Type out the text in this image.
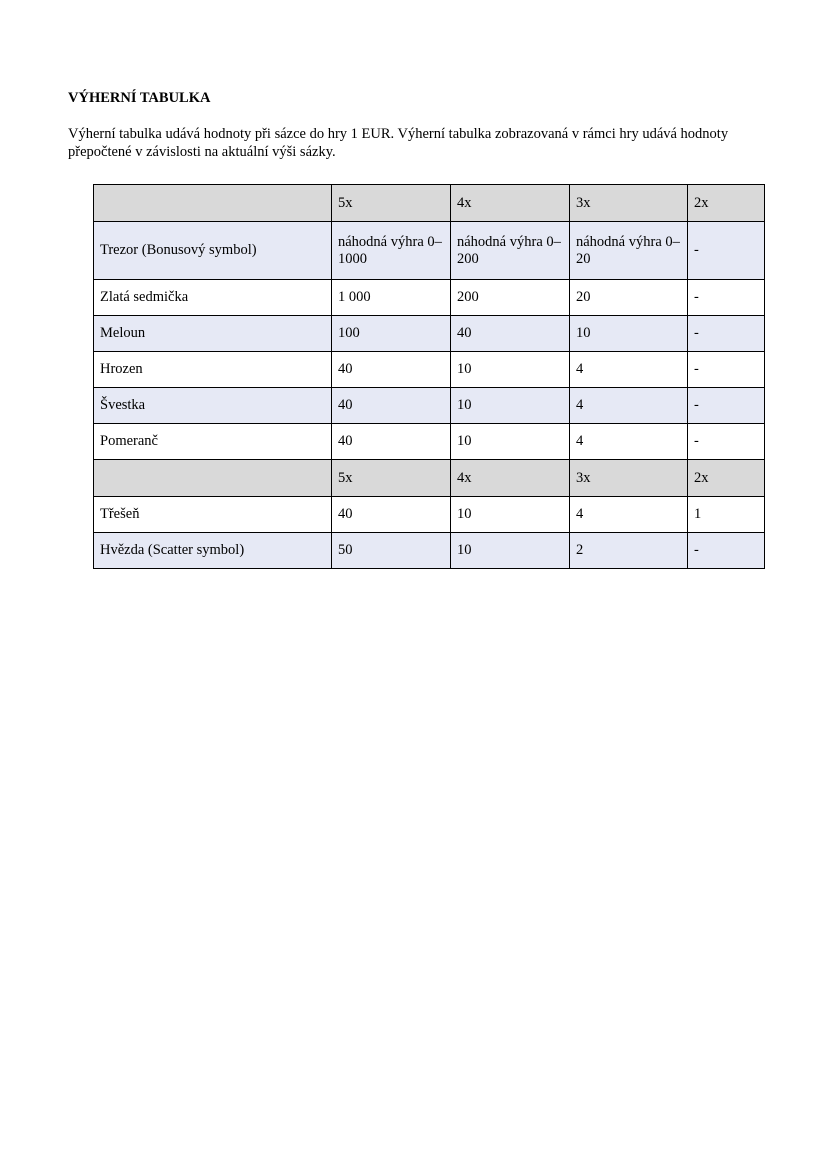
VÝHERNÍ TABULKA
Výherní tabulka udává hodnoty při sázce do hry 1 EUR. Výherní tabulka zobrazovaná v rámci hry udává hodnoty přepočtené v závislosti na aktuální výši sázky.
	5x	4x	3x	2x
Trezor (Bonusový symbol)	náhodná výhra 0–1000	náhodná výhra 0–200	náhodná výhra 0–20	-
Zlatá sedmička	1 000	200	20	-
Meloun	100	40	10	-
Hrozen	40	10	4	-
Švestka	40	10	4	-
Pomeranč	40	10	4	-
	5x	4x	3x	2x
Třešeň	40	10	4	1
Hvězda (Scatter symbol)	50	10	2	-
